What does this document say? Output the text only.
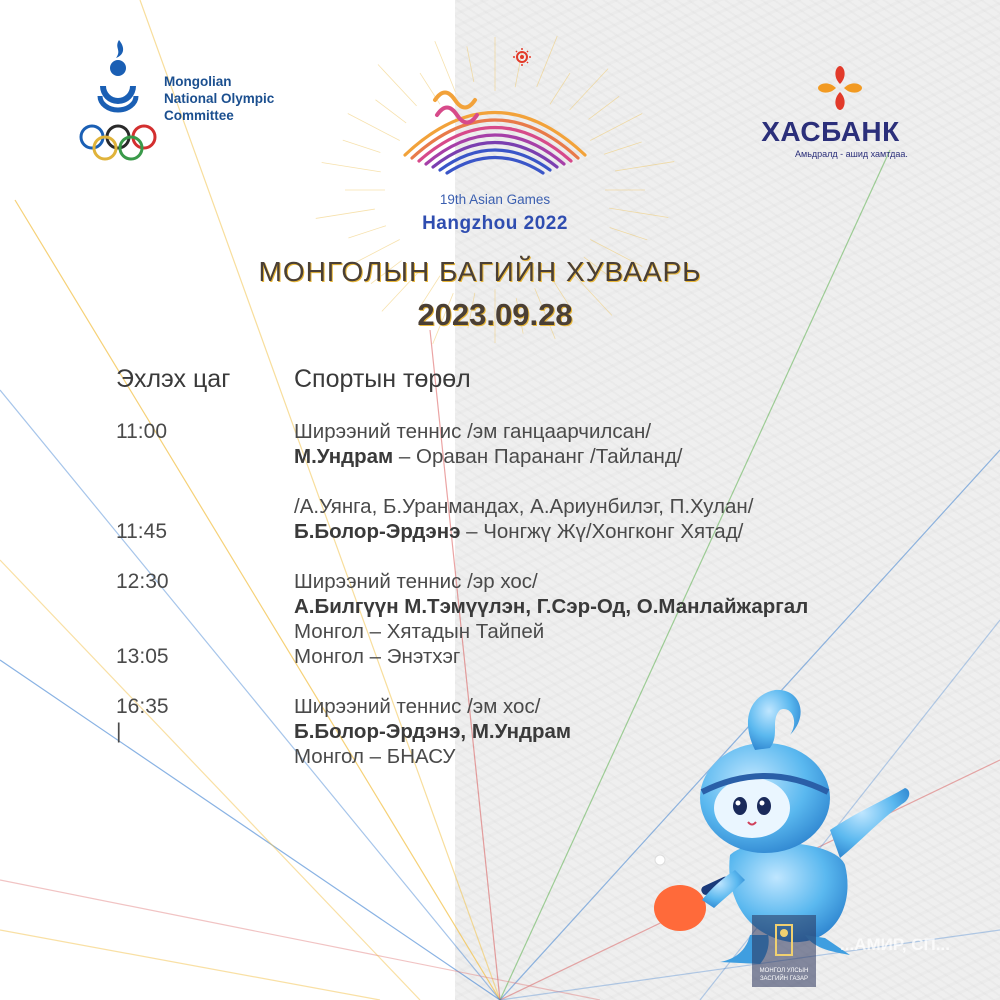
Mongolian
National Olympic
Committee
19th Asian Games
Hangzhou 2022
ХАСБАНК
Амьдралд - ашид хамтдаа.
МОНГОЛЫН БАГИЙН ХУВААРЬ
2023.09.28
Эхлэх цаг	Спортын төрөл
11:00
11:45
12:30
13:05
16:35
|
Ширээний теннис /эм ганцаарчилсан/
М.Ундрам – Ораван Парананг /Тайланд/
/А.Уянга, Б.Уранмандах, А.Ариунбилэг, П.Хулан/
Б.Болор-Эрдэнэ – Чонгжү Жү/Хонгконг Хятад/
Ширээний теннис /эр хос/
А.Билгүүн М.Тэмүүлэн, Г.Сэр-Од, О.Манлайжаргал
Монгол – Хятадын Тайпей
Монгол – Энэтхэг
Ширээний теннис /эм хос/
Б.Болор-Эрдэнэ, М.Ундрам
Монгол – БНАСУ
МОНГОЛ УЛСЫН ЗАСГИЙН ГАЗАР
...АМИР, СП...
